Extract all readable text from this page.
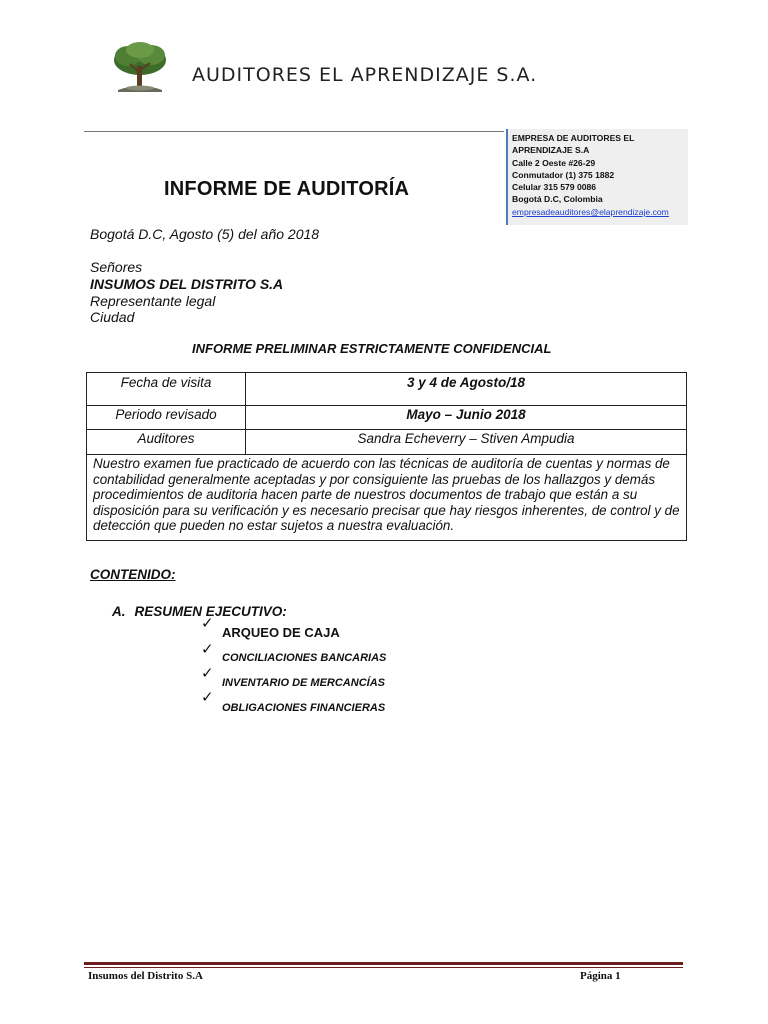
AUDITORES EL APRENDIZAJE S.A.
EMPRESA DE AUDITORES EL
APRENDIZAJE S.A
Calle 2 Oeste #26-29
Conmutador (1) 375 1882
Celular 315 579 0086
Bogotá D.C, Colombia
empresadeauditores@elaprendizaje.com
INFORME DE AUDITORÍA
Bogotá D.C, Agosto (5) del año 2018
Señores
INSUMOS DEL DISTRITO S.A
Representante legal
Ciudad
INFORME PRELIMINAR ESTRICTAMENTE CONFIDENCIAL
Fecha de visita	3 y 4 de Agosto/18
Periodo revisado	Mayo – Junio 2018
Auditores	Sandra Echeverry – Stiven Ampudia
Nuestro examen fue practicado de acuerdo con las técnicas de auditoría de cuentas y normas de contabilidad generalmente aceptadas y por consiguiente las pruebas de los hallazgos y demás procedimientos de auditoria hacen parte de nuestros documentos de trabajo que están a su disposición para su verificación y es necesario precisar que hay riesgos inherentes, de control y de detección que pueden no estar sujetos a nuestra evaluación.	
CONTENIDO:
A. RESUMEN EJECUTIVO:
✓
✓
✓
✓
ARQUEO DE CAJA
CONCILIACIONES BANCARIAS
INVENTARIO DE MERCANCÍAS
OBLIGACIONES FINANCIERAS
Insumos del Distrito S.A	Página 1
